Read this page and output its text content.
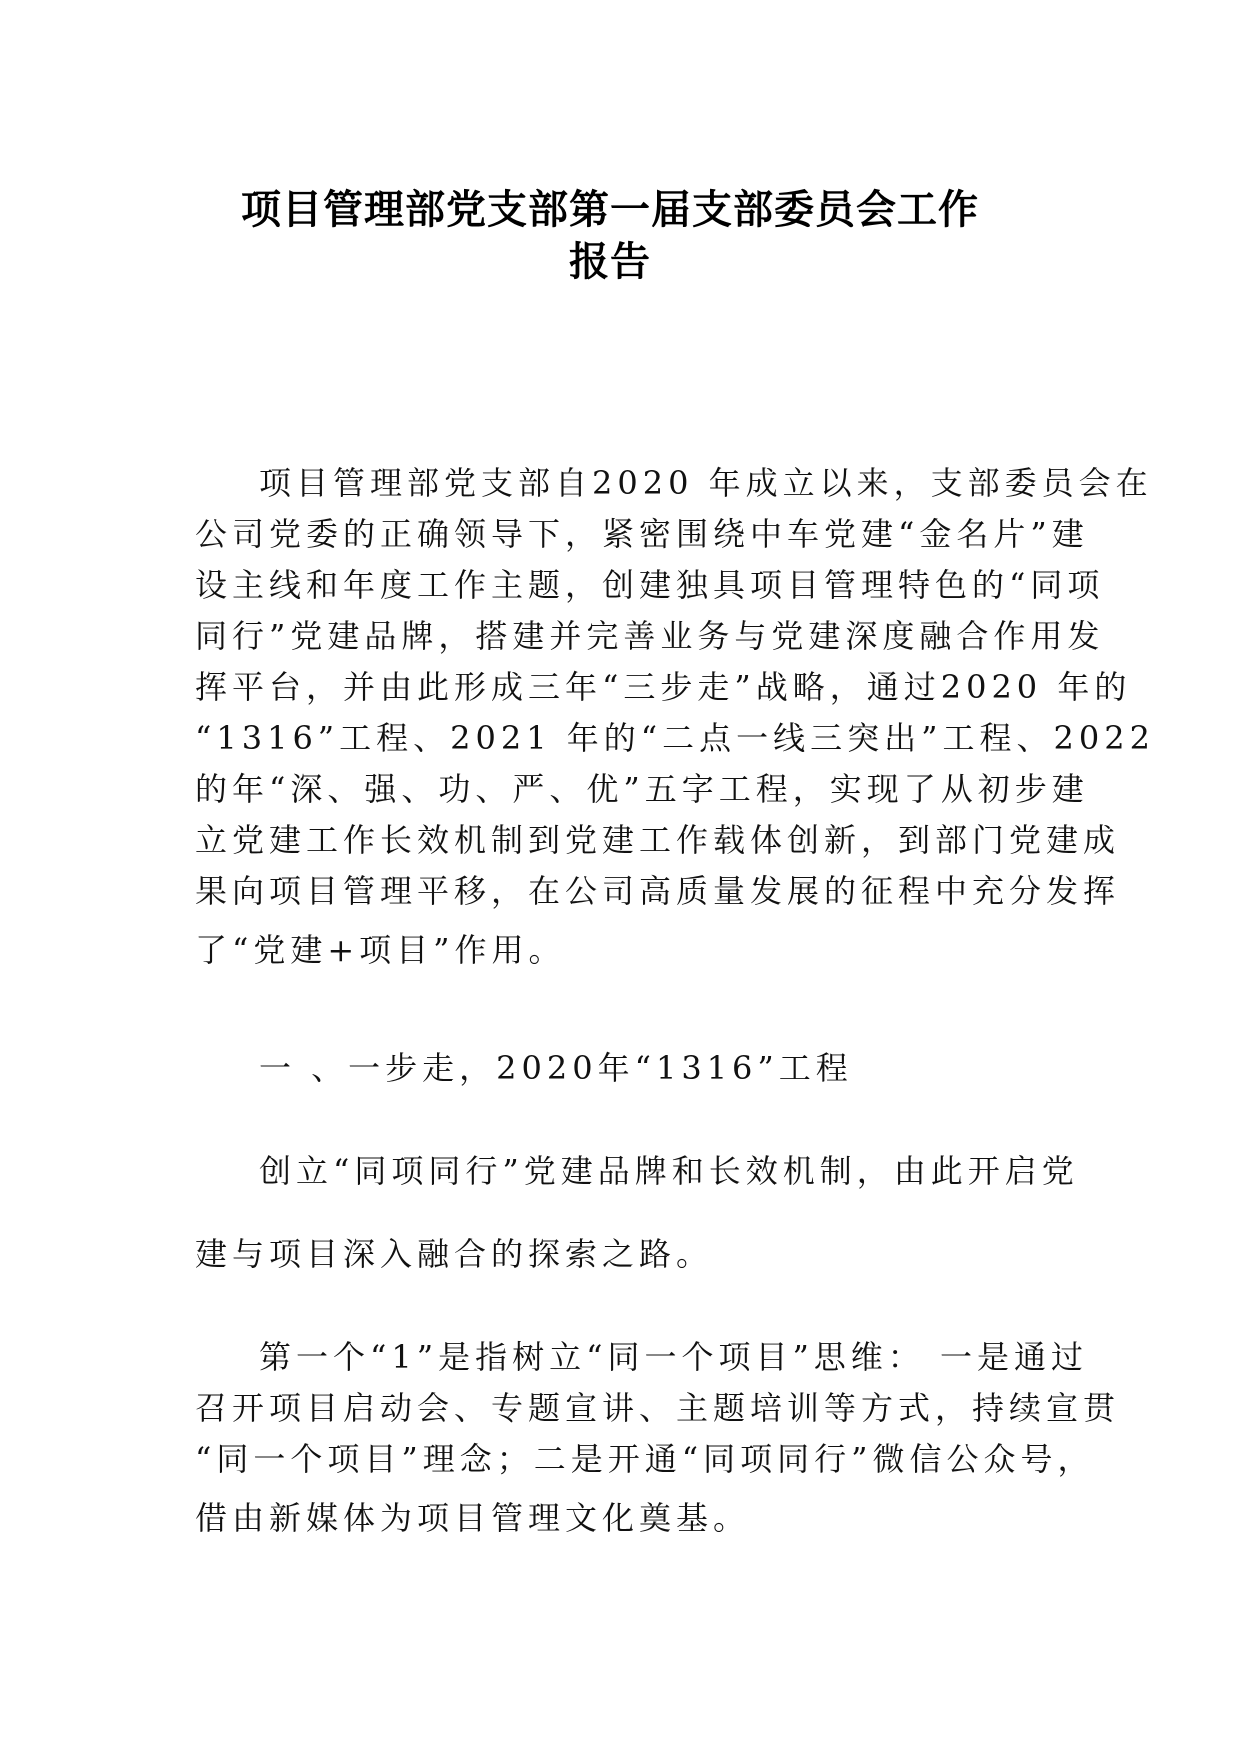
项目管理部党支部第一届支部委员会工作
报告

项目管理部党支部自2020 年成立以来，支部委员会在

公司党委的正确领导下，紧密围绕中车党建“金名片”建

设主线和年度工作主题，创建独具项目管理特色的“同项

同行”党建品牌，搭建并完善业务与党建深度融合作用发

挥平台，并由此形成三年“三步走”战略，通过2020 年的

“1316”工程、2021 年的“二点一线三突出”工程、2022

的年“深、强、功、严、优”五字工程，实现了从初步建

立党建工作长效机制到党建工作载体创新，到部门党建成

果向项目管理平移，在公司高质量发展的征程中充分发挥

了“党建+项目”作用。

一 、一步走，2020年“1316”工程

创立“同项同行”党建品牌和长效机制，由此开启党

建与项目深入融合的探索之路。

第一个“1”是指树立“同一个项目”思维： 一是通过

召开项目启动会、专题宣讲、主题培训等方式，持续宣贯

“同一个项目”理念；二是开通“同项同行”微信公众号，

借由新媒体为项目管理文化奠基。
